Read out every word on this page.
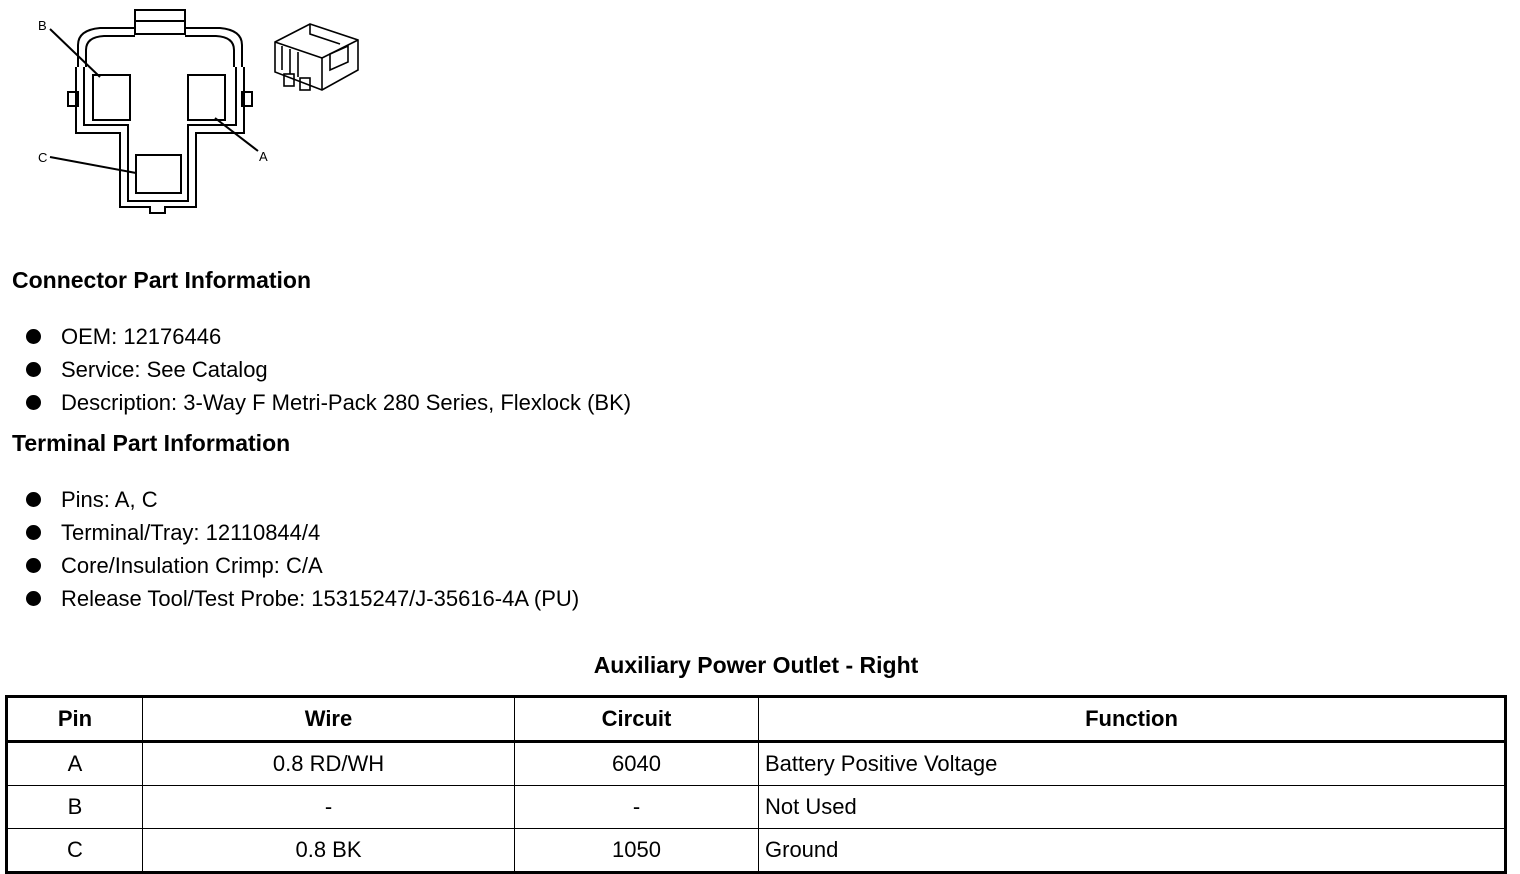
B
C	A
Connector Part Information
OEM: 12176446
Service: See Catalog
Description: 3-Way F Metri-Pack 280 Series, Flexlock (BK)
Terminal Part Information
Pins: A, C
Terminal/Tray: 12110844/4
Core/Insulation Crimp: C/A
Release Tool/Test Probe: 15315247/J-35616-4A (PU)
Auxiliary Power Outlet - Right
Pin	Wire	Circuit	Function
A	0.8 RD/WH	6040	Battery Positive Voltage
B	-	-	Not Used
C	0.8 BK	1050	Ground
